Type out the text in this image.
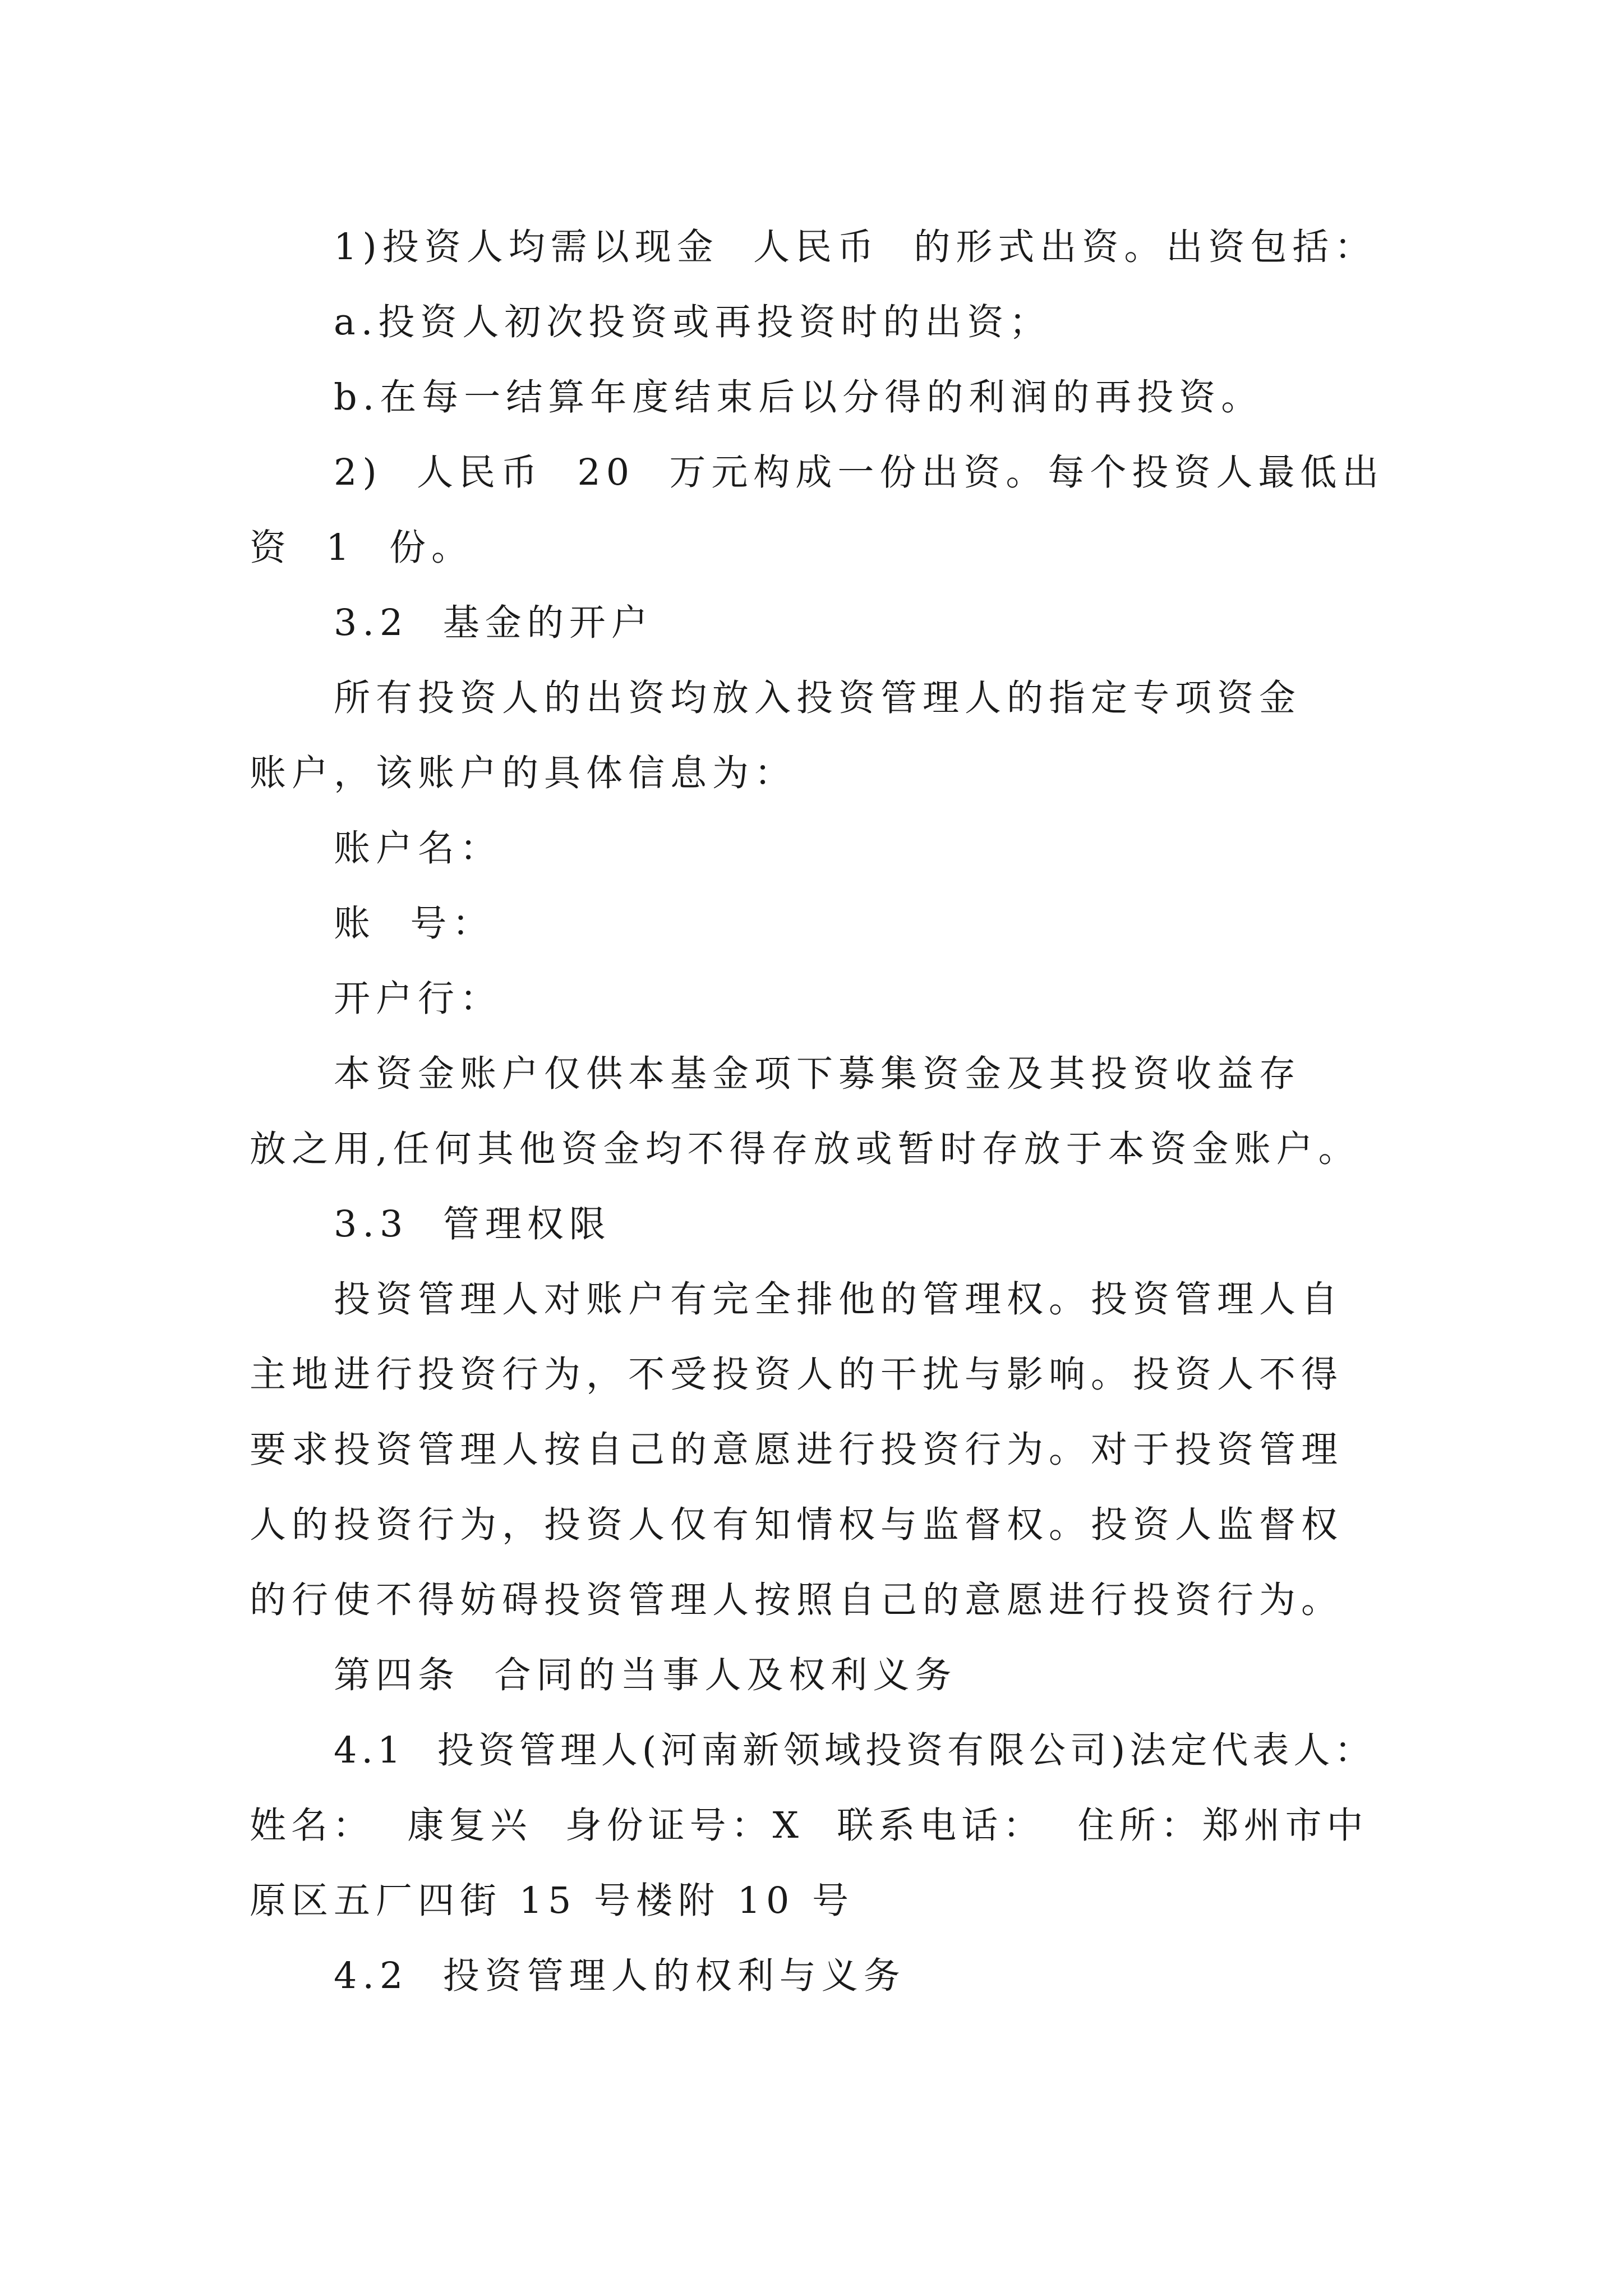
1)投资人均需以现金  人民币  的形式出资。出资包括：
a.投资人初次投资或再投资时的出资；
b.在每一结算年度结束后以分得的利润的再投资。
2)  人民币  20  万元构成一份出资。每个投资人最低出
资  1  份。
3.2  基金的开户
所有投资人的出资均放入投资管理人的指定专项资金
账户，该账户的具体信息为：
账户名：
账  号：
开户行：
本资金账户仅供本基金项下募集资金及其投资收益存
放之用,任何其他资金均不得存放或暂时存放于本资金账户。
3.3  管理权限
投资管理人对账户有完全排他的管理权。投资管理人自
主地进行投资行为，不受投资人的干扰与影响。投资人不得
要求投资管理人按自己的意愿进行投资行为。对于投资管理
人的投资行为，投资人仅有知情权与监督权。投资人监督权
的行使不得妨碍投资管理人按照自己的意愿进行投资行为。
第四条  合同的当事人及权利义务
4.1  投资管理人(河南新领域投资有限公司)法定代表人：
姓名：  康复兴  身份证号：X  联系电话：  住所：郑州市中
原区五厂四街 15 号楼附 10 号
4.2  投资管理人的权利与义务
